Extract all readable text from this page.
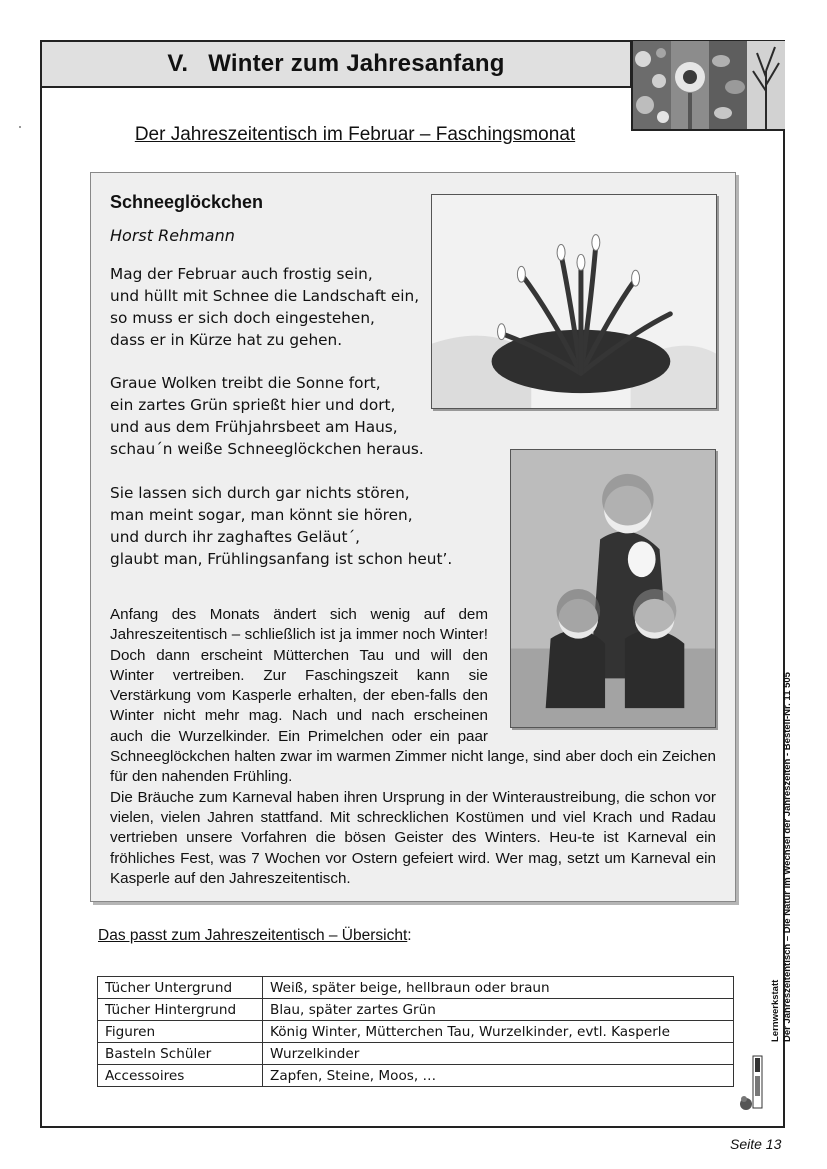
V. Winter zum Jahresanfang
Der Jahreszeitentisch im Februar – Faschingsmonat
Schneeglöckchen
Horst Rehmann
Mag der Februar auch frostig sein,
und hüllt mit Schnee die Landschaft ein,
so muss er sich doch eingestehen,
dass er in Kürze hat zu gehen.
Graue Wolken treibt die Sonne fort,
ein zartes Grün sprießt hier und dort,
und aus dem Frühjahrsbeet am Haus,
schau´n weiße Schneeglöckchen heraus.
Sie lassen sich durch gar nichts stören,
man meint sogar, man könnt sie hören,
und durch ihr zaghaftes Geläut´,
glaubt man, Frühlingsanfang ist schon heut’.

Anfang des Monats ändert sich wenig auf dem Jahreszeitentisch – schließlich ist ja immer noch Winter! Doch dann erscheint Mütterchen Tau und will den Winter vertreiben. Zur Faschingszeit kann sie Verstärkung vom Kasperle erhalten, der eben-falls den Winter nicht mehr mag. Nach und nach erscheinen auch die Wurzelkinder. Ein Primelchen oder ein paar Schneeglöckchen halten zwar im warmen Zimmer nicht lange, sind aber doch ein Zeichen für den nahenden Frühling.

Die Bräuche zum Karneval haben ihren Ursprung in der Winteraustreibung, die schon vor vielen, vielen Jahren stattfand. Mit schrecklichen Kostümen und viel Krach und Radau vertrieben unsere Vorfahren die bösen Geister des Winters. Heu-te ist Karneval ein fröhliches Fest, was 7 Wochen vor Ostern gefeiert wird. Wer mag, setzt um Karneval ein Kasperle auf den Jahreszeitentisch.

Das passt zum Jahreszeitentisch – Übersicht:
Tücher Untergrund	Weiß, später beige, hellbraun oder braun
Tücher Hintergrund	Blau, später zartes Grün
Figuren	König Winter, Mütterchen Tau, Wurzelkinder, evtl. Kasperle
Basteln Schüler	Wurzelkinder
Accessoires	Zapfen, Steine, Moos, …
Lernwerkstatt Der Jahreszeitentisch – Die Natur im Wechsel der Jahreszeiten - Bestell-Nr. 11 505
Seite 13
